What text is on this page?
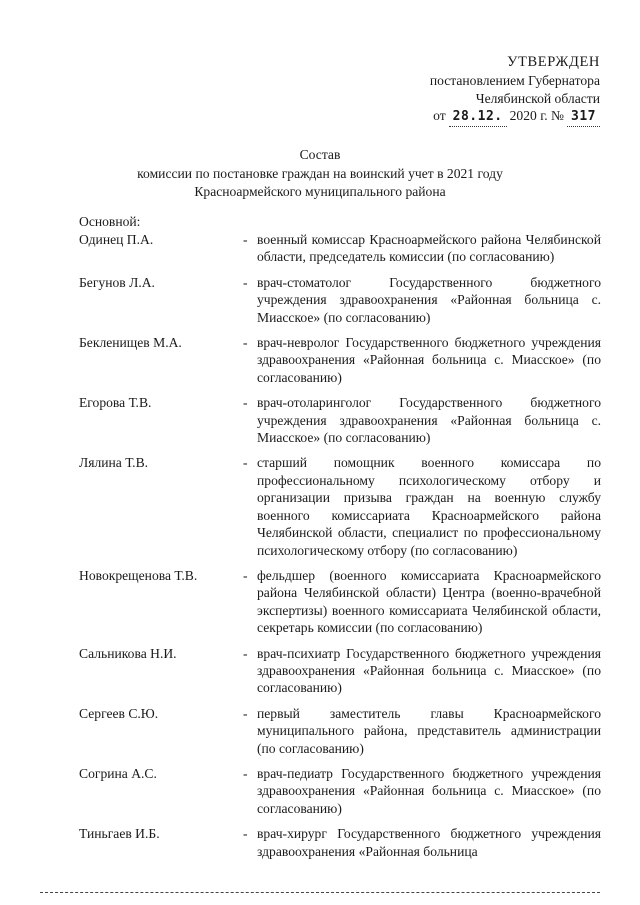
УТВЕРЖДЕН
постановлением Губернатора
Челябинской области
от 28.12. 2020 г. № 317
Состав
комиссии по постановке граждан на воинский учет в 2021 году
Красноармейского муниципального района
Основной:
Одинец П.А.	- военный комиссар Красноармейского района Челябинской области, председатель комиссии (по согласованию)
Бегунов Л.А.	- врач-стоматолог Государственного бюджетного учреждения здравоохранения «Районная больница с. Миасское» (по согласованию)
Бекленищев М.А.	- врач-невролог Государственного бюджетного учреждения здравоохранения «Районная больница с. Миасское» (по согласованию)
Егорова Т.В.	- врач-отоларинголог Государственного бюджетного учреждения здравоохранения «Районная больница с. Миасское» (по согласованию)
Лялина Т.В.	- старший помощник военного комиссара по профессиональному психологическому отбору и организации призыва граждан на военную службу военного комиссариата Красноармейского района Челябинской области, специалист по профессиональному психологическому отбору (по согласованию)
Новокрещенова Т.В.	- фельдшер (военного комиссариата Красноармейского района Челябинской области) Центра (военно-врачебной экспертизы) военного комиссариата Челябинской области, секретарь комиссии (по согласованию)
Сальникова Н.И.	- врач-психиатр Государственного бюджетного учреждения здравоохранения «Районная больница с. Миасское» (по согласованию)
Сергеев С.Ю.	- первый заместитель главы Красноармейского муниципального района, представитель администрации (по согласованию)
Согрина А.С.	- врач-педиатр Государственного бюджетного учреждения здравоохранения «Районная больница с. Миасское» (по согласованию)
Тиньгаев И.Б.	- врач-хирург Государственного бюджетного учреждения здравоохранения «Районная больница
